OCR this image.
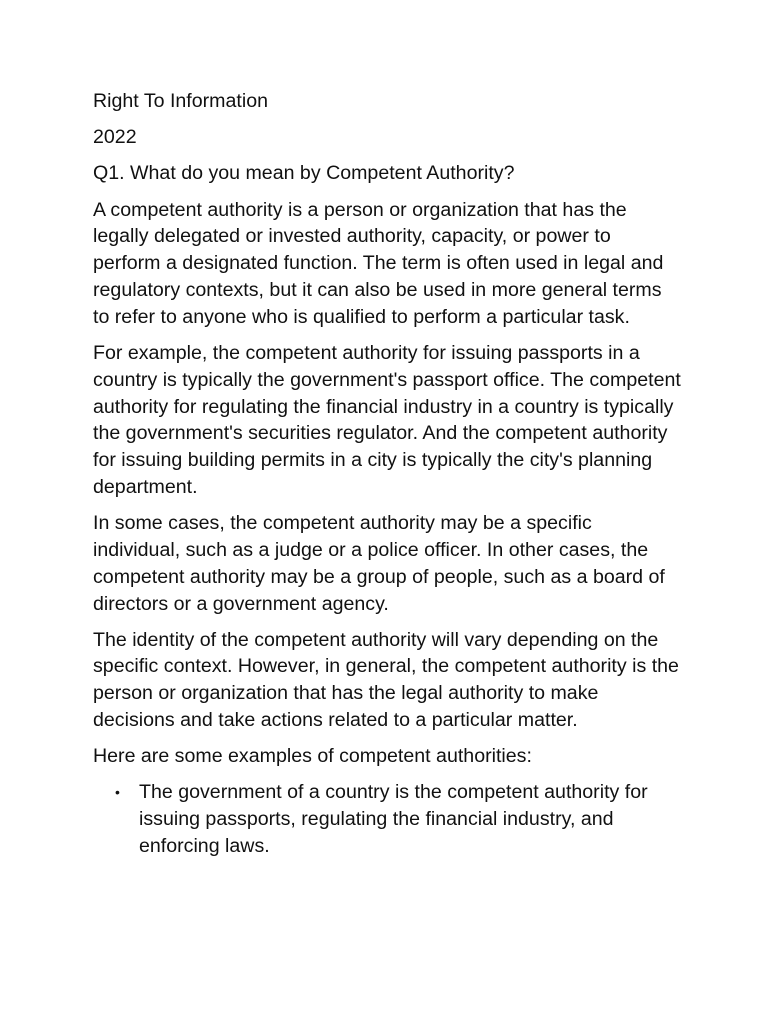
Right To Information

2022

Q1. What do you mean by Competent Authority?

A competent authority is a person or organization that has the legally delegated or invested authority, capacity, or power to perform a designated function. The term is often used in legal and regulatory contexts, but it can also be used in more general terms to refer to anyone who is qualified to perform a particular task.

For example, the competent authority for issuing passports in a country is typically the government's passport office. The competent authority for regulating the financial industry in a country is typically the government's securities regulator. And the competent authority for issuing building permits in a city is typically the city's planning department.

In some cases, the competent authority may be a specific individual, such as a judge or a police officer. In other cases, the competent authority may be a group of people, such as a board of directors or a government agency.

The identity of the competent authority will vary depending on the specific context. However, in general, the competent authority is the person or organization that has the legal authority to make decisions and take actions related to a particular matter.

Here are some examples of competent authorities:

• The government of a country is the competent authority for issuing passports, regulating the financial industry, and enforcing laws.
